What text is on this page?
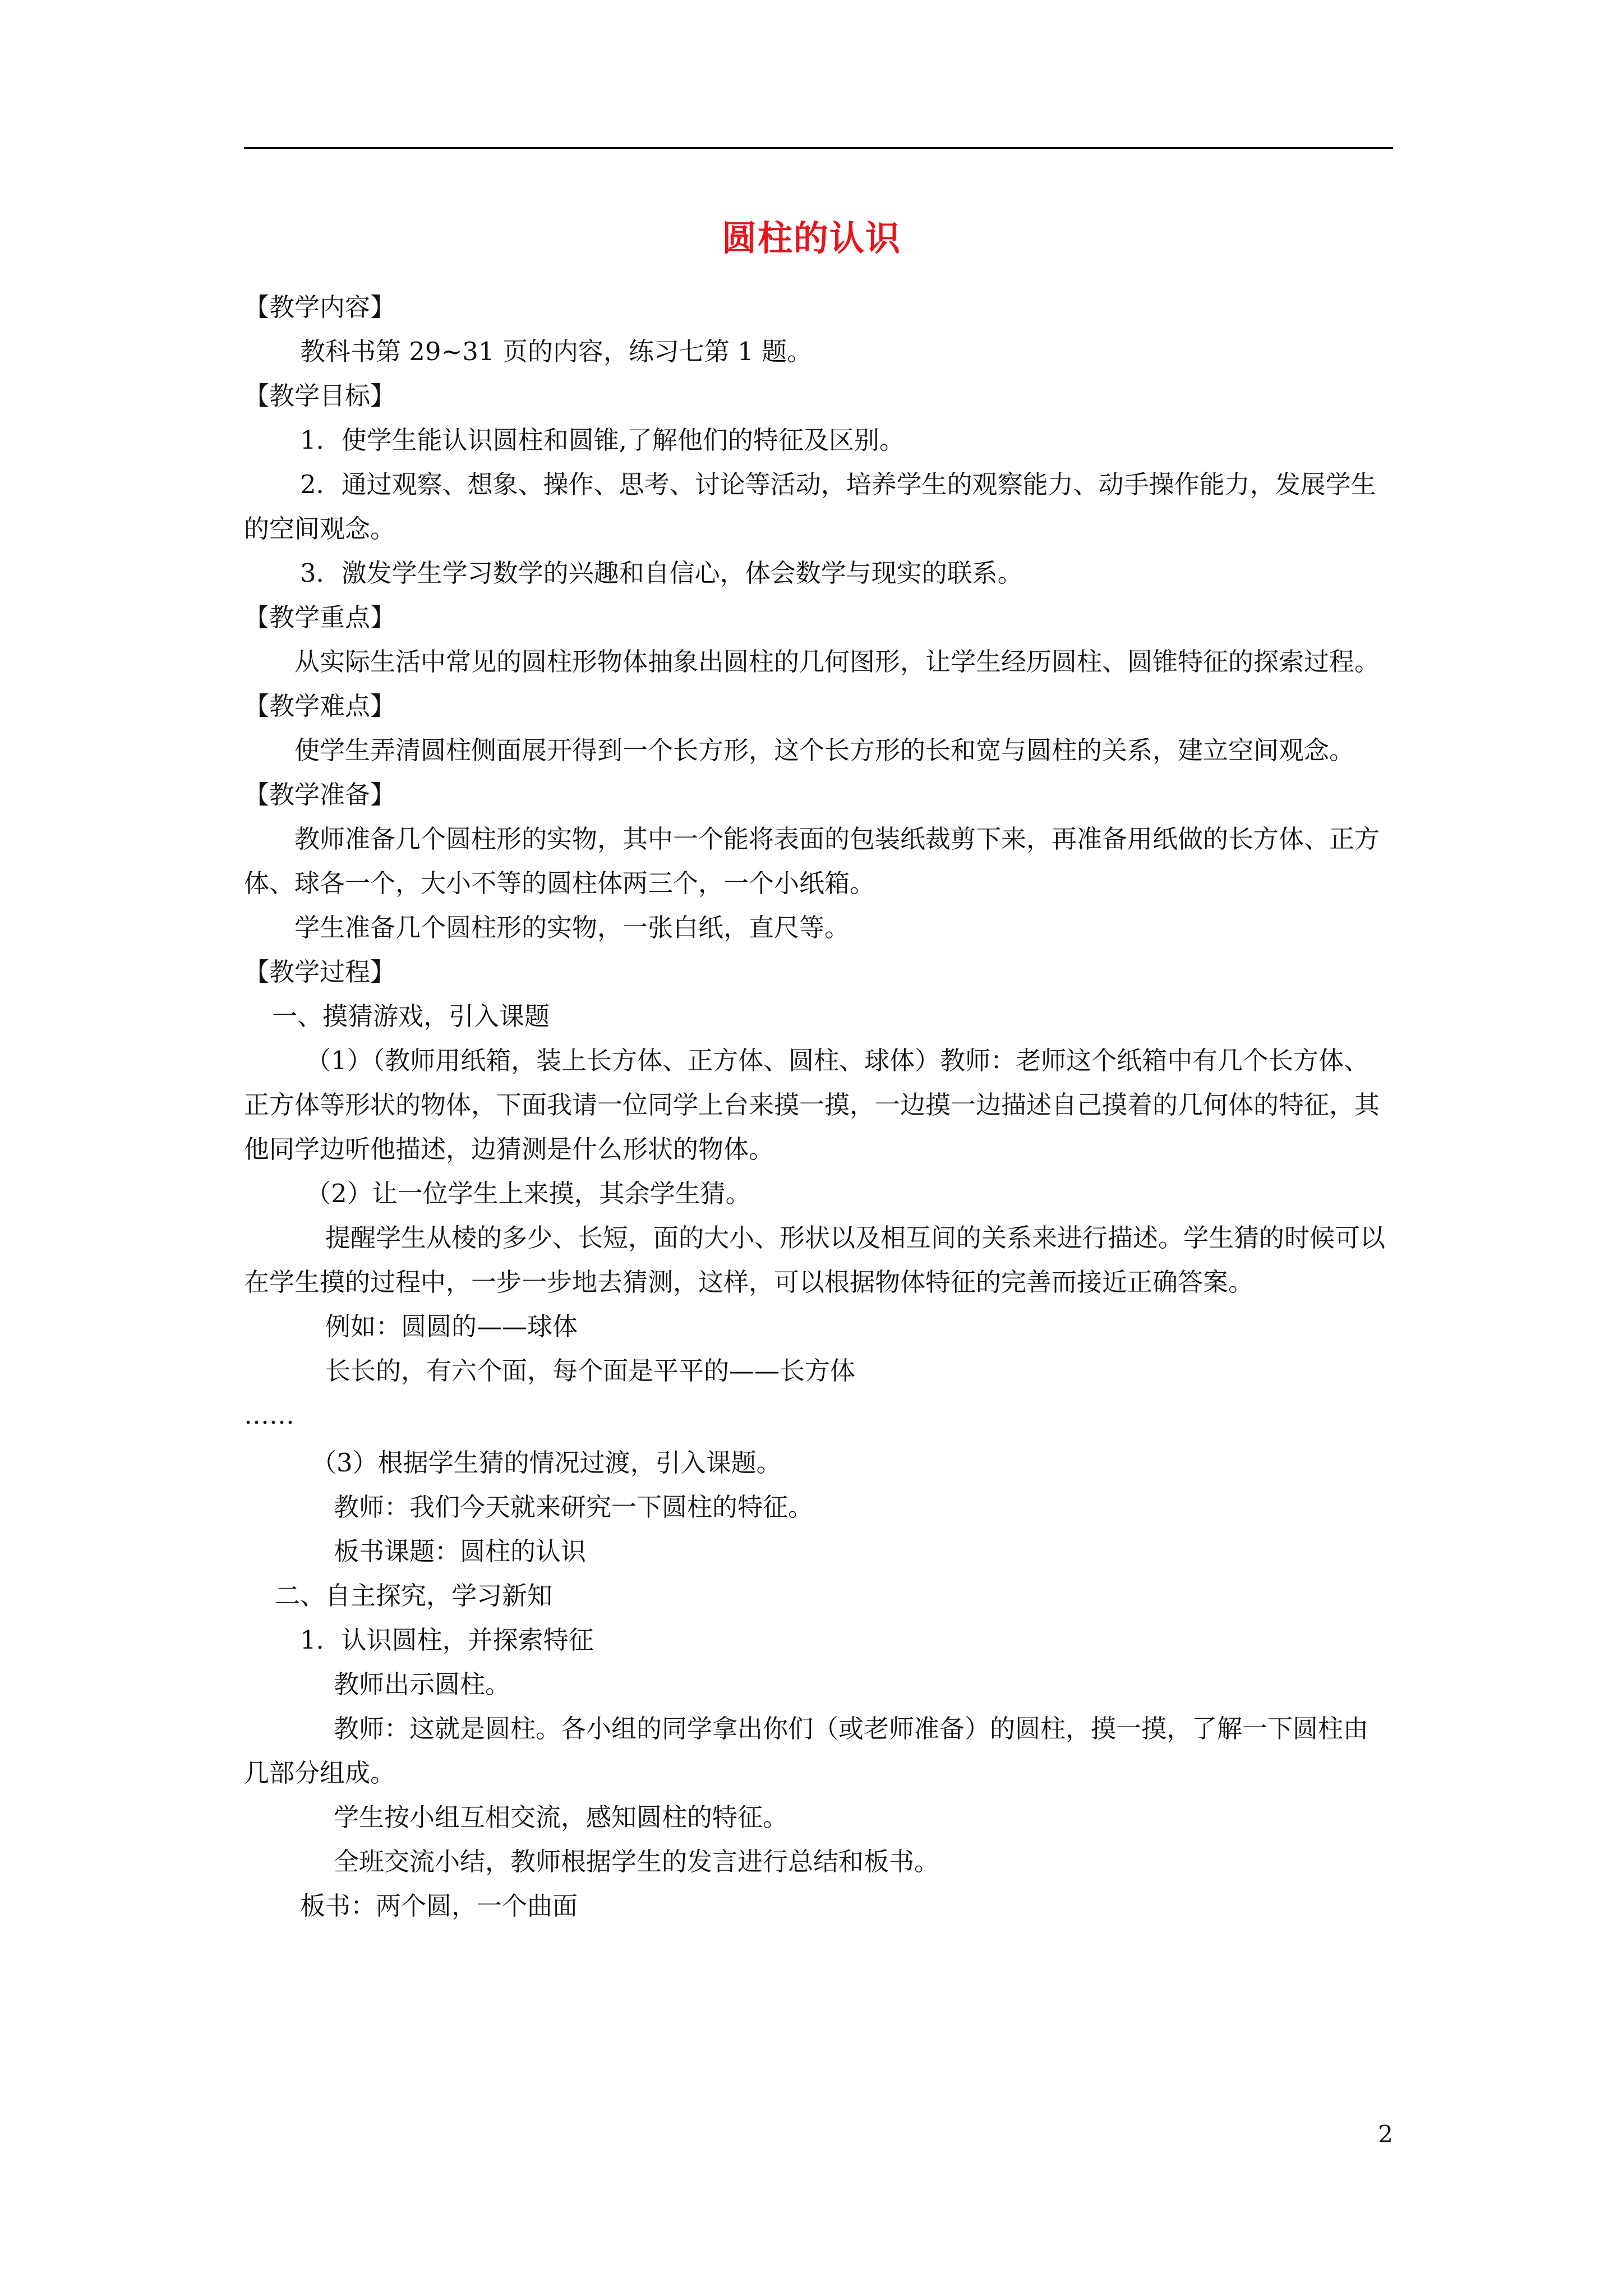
圆柱的认识

【教学内容】

教科书第 29~31 页的内容，练习七第 1 题。

【教学目标】

1．使学生能认识圆柱和圆锥,了解他们的特征及区别。

2．通过观察、想象、操作、思考、讨论等活动，培养学生的观察能力、动手操作能力，发展学生的空间观念。

3．激发学生学习数学的兴趣和自信心，体会数学与现实的联系。

【教学重点】

从实际生活中常见的圆柱形物体抽象出圆柱的几何图形，让学生经历圆柱、圆锥特征的探索过程。

【教学难点】

使学生弄清圆柱侧面展开得到一个长方形，这个长方形的长和宽与圆柱的关系，建立空间观念。

【教学准备】

教师准备几个圆柱形的实物，其中一个能将表面的包装纸裁剪下来，再准备用纸做的长方体、正方体、球各一个，大小不等的圆柱体两三个，一个小纸箱。

学生准备几个圆柱形的实物，一张白纸，直尺等。

【教学过程】

一、摸猜游戏，引入课题

（1）（教师用纸箱，装上长方体、正方体、圆柱、球体）教师：老师这个纸箱中有几个长方体、正方体等形状的物体，下面我请一位同学上台来摸一摸，一边摸一边描述自己摸着的几何体的特征，其他同学边听他描述，边猜测是什么形状的物体。

（2）让一位学生上来摸，其余学生猜。

提醒学生从棱的多少、长短，面的大小、形状以及相互间的关系来进行描述。学生猜的时候可以在学生摸的过程中，一步一步地去猜测，这样，可以根据物体特征的完善而接近正确答案。

例如：圆圆的——球体

长长的，有六个面，每个面是平平的——长方体

……

（3）根据学生猜的情况过渡，引入课题。

教师：我们今天就来研究一下圆柱的特征。

板书课题：圆柱的认识

二、自主探究，学习新知

1．认识圆柱，并探索特征

教师出示圆柱。

教师：这就是圆柱。各小组的同学拿出你们（或老师准备）的圆柱，摸一摸，了解一下圆柱由几部分组成。

学生按小组互相交流，感知圆柱的特征。

全班交流小结，教师根据学生的发言进行总结和板书。

板书：两个圆，一个曲面

2
